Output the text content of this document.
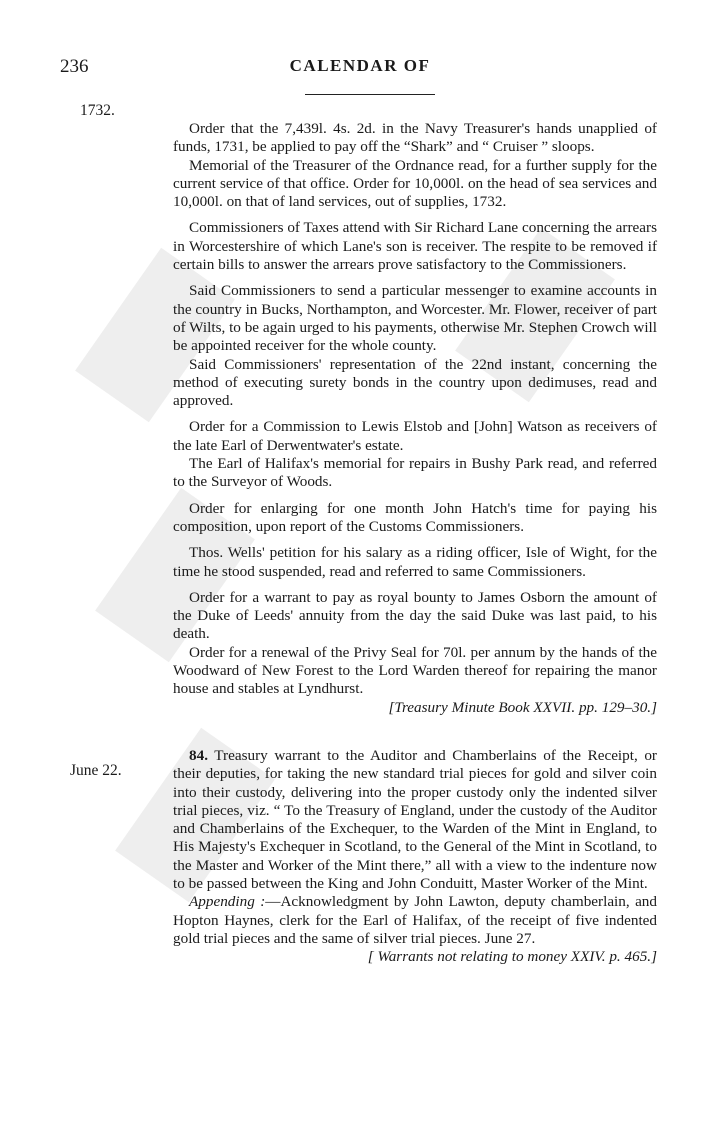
236	CALENDAR OF
1732.
June 22.

Order that the 7,439l. 4s. 2d. in the Navy Treasurer's hands unapplied of funds, 1731, be applied to pay off the “Shark” and “ Cruiser ” sloops.

Memorial of the Treasurer of the Ordnance read, for a further supply for the current service of that office. Order for 10,000l. on the head of sea services and 10,000l. on that of land services, out of supplies, 1732.

Commissioners of Taxes attend with Sir Richard Lane concerning the arrears in Worcestershire of which Lane's son is receiver. The respite to be removed if certain bills to answer the arrears prove satisfactory to the Commissioners.

Said Commissioners to send a particular messenger to examine accounts in the country in Bucks, Northampton, and Worcester. Mr. Flower, receiver of part of Wilts, to be again urged to his payments, otherwise Mr. Stephen Crowch will be appointed receiver for the whole county.

Said Commissioners' representation of the 22nd instant, concerning the method of executing surety bonds in the country upon dedimuses, read and approved.

Order for a Commission to Lewis Elstob and [John] Watson as receivers of the late Earl of Derwentwater's estate.

The Earl of Halifax's memorial for repairs in Bushy Park read, and referred to the Surveyor of Woods.

Order for enlarging for one month John Hatch's time for paying his composition, upon report of the Customs Commissioners.

Thos. Wells' petition for his salary as a riding officer, Isle of Wight, for the time he stood suspended, read and referred to same Commissioners.

Order for a warrant to pay as royal bounty to James Osborn the amount of the Duke of Leeds' annuity from the day the said Duke was last paid, to his death.

Order for a renewal of the Privy Seal for 70l. per annum by the hands of the Woodward of New Forest to the Lord Warden thereof for repairing the manor house and stables at Lyndhurst.

[Treasury Minute Book XXVII. pp. 129–30.]

84. Treasury warrant to the Auditor and Chamberlains of the Receipt, or their deputies, for taking the new standard trial pieces for gold and silver coin into their custody, delivering into the proper custody only the indented silver trial pieces, viz. “ To the Treasury of England, under the custody of the Auditor and Chamberlains of the Exchequer, to the Warden of the Mint in England, to His Majesty's Exchequer in Scotland, to the General of the Mint in Scotland, to the Master and Worker of the Mint there,” all with a view to the indenture now to be passed between the King and John Conduitt, Master Worker of the Mint.

Appending :—Acknowledgment by John Lawton, deputy chamberlain, and Hopton Haynes, clerk for the Earl of Halifax, of the receipt of five indented gold trial pieces and the same of silver trial pieces. June 27.

[ Warrants not relating to money XXIV. p. 465.]
